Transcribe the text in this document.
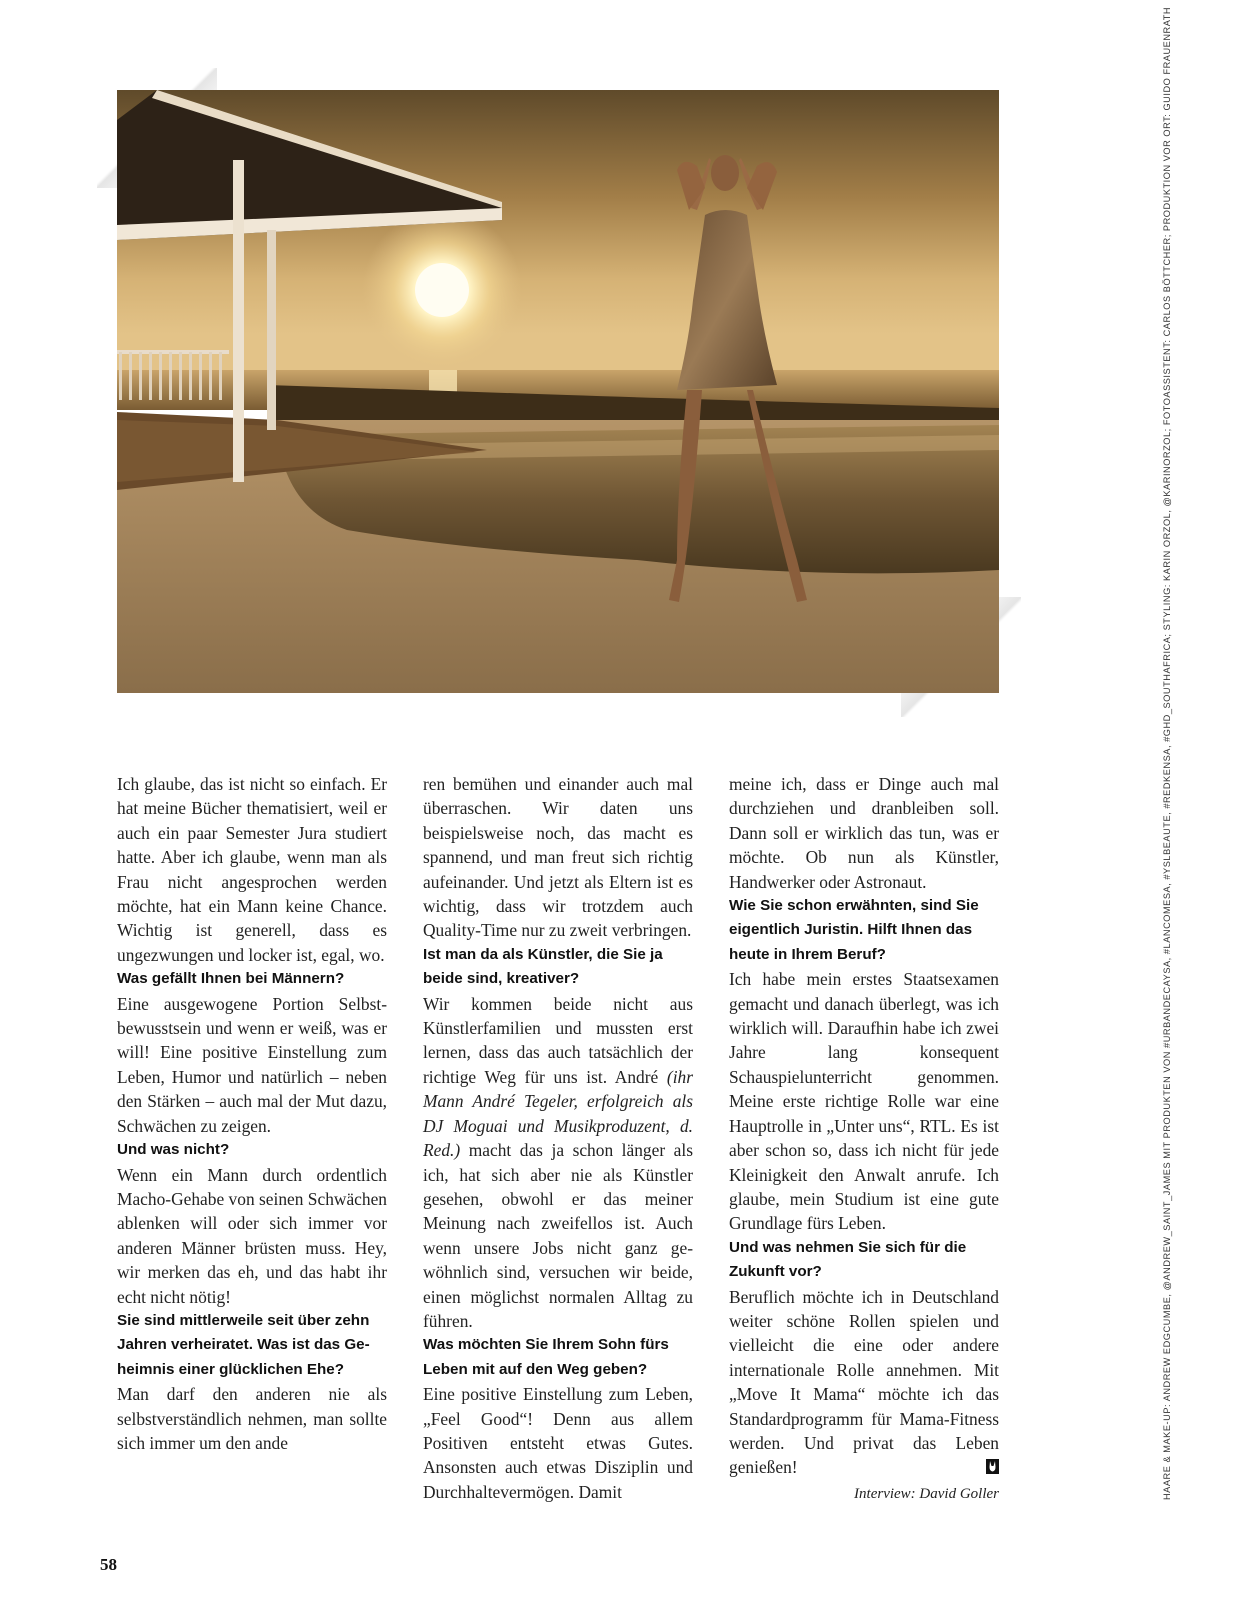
HAARE & MAKE-UP: ANDREW EDGCUMBE, @ANDREW_SAINT_JAMES MIT PRODUKTEN VON #URBANDECAYSA, #LANCOMESA, #YSLBEAUTE, #REDKENSA, #GHD_SOUTHAFRICA; STYLING: KARIN ORZOL, @KARINORZOL; FOTOASSISTENT: CARLOS BÖTTCHER; PRODUKTION VOR ORT: GUIDO FRAUENRATH

Ich glaube, das ist nicht so einfach. Er hat meine Bücher thematisiert, weil er auch ein paar Semester Jura studiert hatte. Aber ich glaube, wenn man als Frau nicht angesprochen werden möchte, hat ein Mann keine Chance. Wichtig ist generell, dass es ungezwungen und locker ist, egal, wo.

Was gefällt Ihnen bei Männern?

Eine ausgewogene Portion Selbstbewusstsein und wenn er weiß, was er will! Eine positive Einstellung zum Leben, Humor und natürlich – neben den Stärken – auch mal der Mut dazu, Schwächen zu zeigen.

Und was nicht?

Wenn ein Mann durch ordentlich Macho-Gehabe von seinen Schwächen ablenken will oder sich immer vor anderen Männer brüsten muss. Hey, wir merken das eh, und das habt ihr echt nicht nötig!

Sie sind mittlerweile seit über zehn Jahren verheiratet. Was ist das Geheimnis einer glücklichen Ehe?

Man darf den anderen nie als selbstverständlich nehmen, man sollte sich immer um den ande

ren bemühen und einander auch mal überraschen. Wir daten uns beispielsweise noch, das macht es spannend, und man freut sich richtig aufeinander. Und jetzt als Eltern ist es wichtig, dass wir trotzdem auch Quality-Time nur zu zweit verbringen.

Ist man da als Künstler, die Sie ja beide sind, kreativer?

Wir kommen beide nicht aus Künstlerfamilien und mussten erst lernen, dass das auch tatsächlich der richtige Weg für uns ist. André (ihr Mann André Tegeler, erfolgreich als DJ Moguai und Musikproduzent, d. Red.) macht das ja schon länger als ich, hat sich aber nie als Künstler gesehen, obwohl er das meiner Meinung nach zweifellos ist. Auch wenn unsere Jobs nicht ganz gewöhnlich sind, versuchen wir beide, einen möglichst normalen Alltag zu führen.

Was möchten Sie Ihrem Sohn fürs Leben mit auf den Weg geben?

Eine positive Einstellung zum Leben, „Feel Good“! Denn aus allem Positiven entsteht etwas Gutes. Ansonsten auch etwas Disziplin und Durchhaltevermögen. Damit

meine ich, dass er Dinge auch mal durchziehen und dranbleiben soll. Dann soll er wirklich das tun, was er möchte. Ob nun als Künstler, Handwerker oder Astronaut.

Wie Sie schon erwähnten, sind Sie eigentlich Juristin. Hilft Ihnen das heute in Ihrem Beruf?

Ich habe mein erstes Staatsexamen gemacht und danach überlegt, was ich wirklich will. Daraufhin habe ich zwei Jahre lang konsequent Schauspielunterricht genommen. Meine erste richtige Rolle war eine Hauptrolle in „Unter uns“, RTL. Es ist aber schon so, dass ich nicht für jede Kleinigkeit den Anwalt anrufe. Ich glaube, mein Studium ist eine gute Grundlage fürs Leben.

Und was nehmen Sie sich für die Zukunft vor?

Beruflich möchte ich in Deutschland weiter schöne Rollen spielen und vielleicht die eine oder andere internationale Rolle annehmen. Mit „Move It Mama“ möchte ich das Standardprogramm für Mama-Fitness werden. Und privat das Leben genießen!

Interview: David Goller
58
